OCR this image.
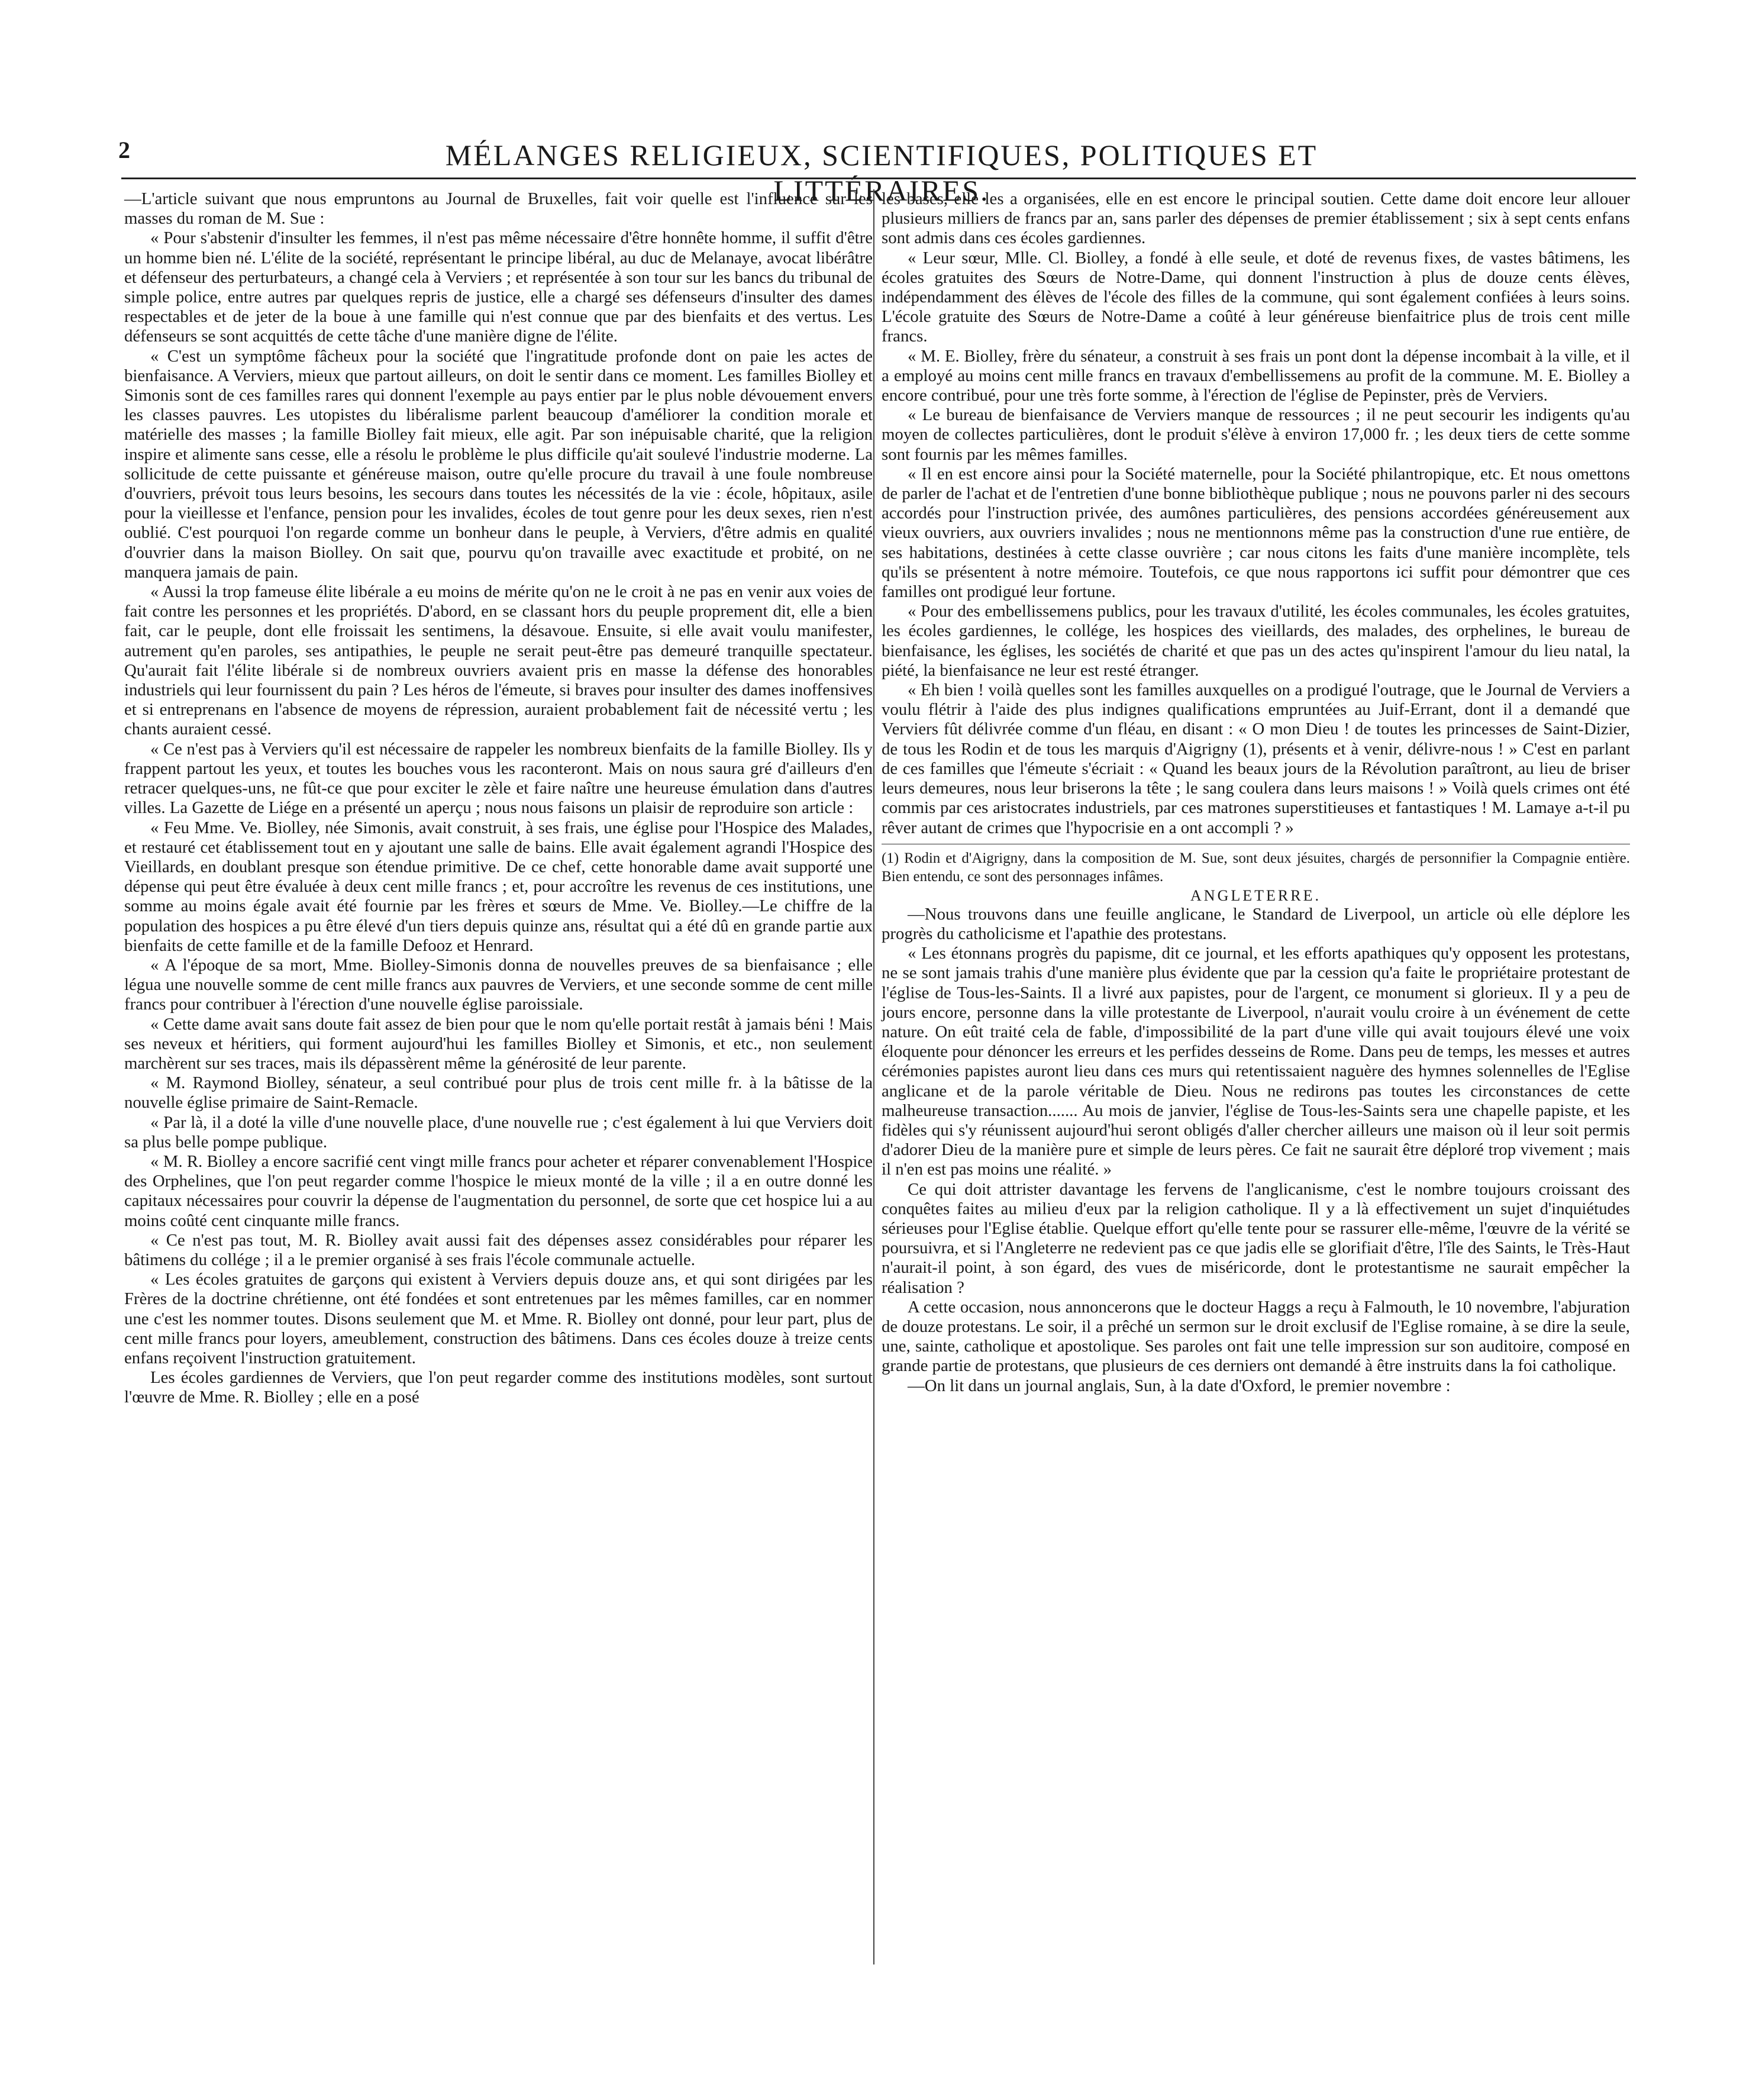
2	MÉLANGES RELIGIEUX, SCIENTIFIQUES, POLITIQUES ET LITTÉRAIRES.

—L'article suivant que nous empruntons au Journal de Bruxelles, fait voir quelle est l'influence sur les masses du roman de M. Sue :

« Pour s'abstenir d'insulter les femmes, il n'est pas même nécessaire d'être honnête homme, il suffit d'être un homme bien né. L'élite de la société, représentant le principe libéral, au duc de Melanaye, avocat libérâtre et défenseur des perturbateurs, a changé cela à Verviers ; et représentée à son tour sur les bancs du tribunal de simple police, entre autres par quelques repris de justice, elle a chargé ses défenseurs d'insulter des dames respectables et de jeter de la boue à une famille qui n'est connue que par des bienfaits et des vertus. Les défenseurs se sont acquittés de cette tâche d'une manière digne de l'élite.

« C'est un symptôme fâcheux pour la société que l'ingratitude profonde dont on paie les actes de bienfaisance. A Verviers, mieux que partout ailleurs, on doit le sentir dans ce moment. Les familles Biolley et Simonis sont de ces familles rares qui donnent l'exemple au pays entier par le plus noble dévouement envers les classes pauvres. Les utopistes du libéralisme parlent beaucoup d'améliorer la condition morale et matérielle des masses ; la famille Biolley fait mieux, elle agit. Par son inépuisable charité, que la religion inspire et alimente sans cesse, elle a résolu le problème le plus difficile qu'ait soulevé l'industrie moderne. La sollicitude de cette puissante et généreuse maison, outre qu'elle procure du travail à une foule nombreuse d'ouvriers, prévoit tous leurs besoins, les secours dans toutes les nécessités de la vie : école, hôpitaux, asile pour la vieillesse et l'enfance, pension pour les invalides, écoles de tout genre pour les deux sexes, rien n'est oublié. C'est pourquoi l'on regarde comme un bonheur dans le peuple, à Verviers, d'être admis en qualité d'ouvrier dans la maison Biolley. On sait que, pourvu qu'on travaille avec exactitude et probité, on ne manquera jamais de pain.

« Aussi la trop fameuse élite libérale a eu moins de mérite qu'on ne le croit à ne pas en venir aux voies de fait contre les personnes et les propriétés. D'abord, en se classant hors du peuple proprement dit, elle a bien fait, car le peuple, dont elle froissait les sentimens, la désavoue. Ensuite, si elle avait voulu manifester, autrement qu'en paroles, ses antipathies, le peuple ne serait peut-être pas demeuré tranquille spectateur. Qu'aurait fait l'élite libérale si de nombreux ouvriers avaient pris en masse la défense des honorables industriels qui leur fournissent du pain ? Les héros de l'émeute, si braves pour insulter des dames inoffensives et si entreprenans en l'absence de moyens de répression, auraient probablement fait de nécessité vertu ; les chants auraient cessé.

« Ce n'est pas à Verviers qu'il est nécessaire de rappeler les nombreux bienfaits de la famille Biolley. Ils y frappent partout les yeux, et toutes les bouches vous les raconteront. Mais on nous saura gré d'ailleurs d'en retracer quelques-uns, ne fût-ce que pour exciter le zèle et faire naître une heureuse émulation dans d'autres villes. La Gazette de Liége en a présenté un aperçu ; nous nous faisons un plaisir de reproduire son article :

« Feu Mme. Ve. Biolley, née Simonis, avait construit, à ses frais, une église pour l'Hospice des Malades, et restauré cet établissement tout en y ajoutant une salle de bains. Elle avait également agrandi l'Hospice des Vieillards, en doublant presque son étendue primitive. De ce chef, cette honorable dame avait supporté une dépense qui peut être évaluée à deux cent mille francs ; et, pour accroître les revenus de ces institutions, une somme au moins égale avait été fournie par les frères et sœurs de Mme. Ve. Biolley.—Le chiffre de la population des hospices a pu être élevé d'un tiers depuis quinze ans, résultat qui a été dû en grande partie aux bienfaits de cette famille et de la famille Defooz et Henrard.

« A l'époque de sa mort, Mme. Biolley-Simonis donna de nouvelles preuves de sa bienfaisance ; elle légua une nouvelle somme de cent mille francs aux pauvres de Verviers, et une seconde somme de cent mille francs pour contribuer à l'érection d'une nouvelle église paroissiale.

« Cette dame avait sans doute fait assez de bien pour que le nom qu'elle portait restât à jamais béni ! Mais ses neveux et héritiers, qui forment aujourd'hui les familles Biolley et Simonis, et etc., non seulement marchèrent sur ses traces, mais ils dépassèrent même la générosité de leur parente.

« M. Raymond Biolley, sénateur, a seul contribué pour plus de trois cent mille fr. à la bâtisse de la nouvelle église primaire de Saint-Remacle.

« Par là, il a doté la ville d'une nouvelle place, d'une nouvelle rue ; c'est également à lui que Verviers doit sa plus belle pompe publique.

« M. R. Biolley a encore sacrifié cent vingt mille francs pour acheter et réparer convenablement l'Hospice des Orphelines, que l'on peut regarder comme l'hospice le mieux monté de la ville ; il a en outre donné les capitaux nécessaires pour couvrir la dépense de l'augmentation du personnel, de sorte que cet hospice lui a au moins coûté cent cinquante mille francs.

« Ce n'est pas tout, M. R. Biolley avait aussi fait des dépenses assez considérables pour réparer les bâtimens du collége ; il a le premier organisé à ses frais l'école communale actuelle.

« Les écoles gratuites de garçons qui existent à Verviers depuis douze ans, et qui sont dirigées par les Frères de la doctrine chrétienne, ont été fondées et sont entretenues par les mêmes familles, car en nommer une c'est les nommer toutes. Disons seulement que M. et Mme. R. Biolley ont donné, pour leur part, plus de cent mille francs pour loyers, ameublement, construction des bâtimens. Dans ces écoles douze à treize cents enfans reçoivent l'instruction gratuitement.

Les écoles gardiennes de Verviers, que l'on peut regarder comme des institutions modèles, sont surtout l'œuvre de Mme. R. Biolley ; elle en a posé

les bases, elle les a organisées, elle en est encore le principal soutien. Cette dame doit encore leur allouer plusieurs milliers de francs par an, sans parler des dépenses de premier établissement ; six à sept cents enfans sont admis dans ces écoles gardiennes.

« Leur sœur, Mlle. Cl. Biolley, a fondé à elle seule, et doté de revenus fixes, de vastes bâtimens, les écoles gratuites des Sœurs de Notre-Dame, qui donnent l'instruction à plus de douze cents élèves, indépendamment des élèves de l'école des filles de la commune, qui sont également confiées à leurs soins. L'école gratuite des Sœurs de Notre-Dame a coûté à leur généreuse bienfaitrice plus de trois cent mille francs.

« M. E. Biolley, frère du sénateur, a construit à ses frais un pont dont la dépense incombait à la ville, et il a employé au moins cent mille francs en travaux d'embellissemens au profit de la commune. M. E. Biolley a encore contribué, pour une très forte somme, à l'érection de l'église de Pepinster, près de Verviers.

« Le bureau de bienfaisance de Verviers manque de ressources ; il ne peut secourir les indigents qu'au moyen de collectes particulières, dont le produit s'élève à environ 17,000 fr. ; les deux tiers de cette somme sont fournis par les mêmes familles.

« Il en est encore ainsi pour la Société maternelle, pour la Société philantropique, etc. Et nous omettons de parler de l'achat et de l'entretien d'une bonne bibliothèque publique ; nous ne pouvons parler ni des secours accordés pour l'instruction privée, des aumônes particulières, des pensions accordées généreusement aux vieux ouvriers, aux ouvriers invalides ; nous ne mentionnons même pas la construction d'une rue entière, de ses habitations, destinées à cette classe ouvrière ; car nous citons les faits d'une manière incomplète, tels qu'ils se présentent à notre mémoire. Toutefois, ce que nous rapportons ici suffit pour démontrer que ces familles ont prodigué leur fortune.

« Pour des embellissemens publics, pour les travaux d'utilité, les écoles communales, les écoles gratuites, les écoles gardiennes, le collége, les hospices des vieillards, des malades, des orphelines, le bureau de bienfaisance, les églises, les sociétés de charité et que pas un des actes qu'inspirent l'amour du lieu natal, la piété, la bienfaisance ne leur est resté étranger.

« Eh bien ! voilà quelles sont les familles auxquelles on a prodigué l'outrage, que le Journal de Verviers a voulu flétrir à l'aide des plus indignes qualifications empruntées au Juif-Errant, dont il a demandé que Verviers fût délivrée comme d'un fléau, en disant : « O mon Dieu ! de toutes les princesses de Saint-Dizier, de tous les Rodin et de tous les marquis d'Aigrigny (1), présents et à venir, délivre-nous ! » C'est en parlant de ces familles que l'émeute s'écriait : « Quand les beaux jours de la Révolution paraîtront, au lieu de briser leurs demeures, nous leur briserons la tête ; le sang coulera dans leurs maisons ! » Voilà quels crimes ont été commis par ces aristocrates industriels, par ces matrones superstitieuses et fantastiques ! M. Lamaye a-t-il pu rêver autant de crimes que l'hypocrisie en a ont accompli ? »

(1) Rodin et d'Aigrigny, dans la composition de M. Sue, sont deux jésuites, chargés de personnifier la Compagnie entière. Bien entendu, ce sont des personnages infâmes.

ANGLETERRE.

—Nous trouvons dans une feuille anglicane, le Standard de Liverpool, un article où elle déplore les progrès du catholicisme et l'apathie des protestans.

« Les étonnans progrès du papisme, dit ce journal, et les efforts apathiques qu'y opposent les protestans, ne se sont jamais trahis d'une manière plus évidente que par la cession qu'a faite le propriétaire protestant de l'église de Tous-les-Saints. Il a livré aux papistes, pour de l'argent, ce monument si glorieux. Il y a peu de jours encore, personne dans la ville protestante de Liverpool, n'aurait voulu croire à un événement de cette nature. On eût traité cela de fable, d'impossibilité de la part d'une ville qui avait toujours élevé une voix éloquente pour dénoncer les erreurs et les perfides desseins de Rome. Dans peu de temps, les messes et autres cérémonies papistes auront lieu dans ces murs qui retentissaient naguère des hymnes solennelles de l'Eglise anglicane et de la parole véritable de Dieu. Nous ne redirons pas toutes les circonstances de cette malheureuse transaction....... Au mois de janvier, l'église de Tous-les-Saints sera une chapelle papiste, et les fidèles qui s'y réunissent aujourd'hui seront obligés d'aller chercher ailleurs une maison où il leur soit permis d'adorer Dieu de la manière pure et simple de leurs pères. Ce fait ne saurait être déploré trop vivement ; mais il n'en est pas moins une réalité. »

Ce qui doit attrister davantage les fervens de l'anglicanisme, c'est le nombre toujours croissant des conquêtes faites au milieu d'eux par la religion catholique. Il y a là effectivement un sujet d'inquiétudes sérieuses pour l'Eglise établie. Quelque effort qu'elle tente pour se rassurer elle-même, l'œuvre de la vérité se poursuivra, et si l'Angleterre ne redevient pas ce que jadis elle se glorifiait d'être, l'île des Saints, le Très-Haut n'aurait-il point, à son égard, des vues de miséricorde, dont le protestantisme ne saurait empêcher la réalisation ?

A cette occasion, nous annoncerons que le docteur Haggs a reçu à Falmouth, le 10 novembre, l'abjuration de douze protestans. Le soir, il a prêché un sermon sur le droit exclusif de l'Eglise romaine, à se dire la seule, une, sainte, catholique et apostolique. Ses paroles ont fait une telle impression sur son auditoire, composé en grande partie de protestans, que plusieurs de ces derniers ont demandé à être instruits dans la foi catholique.

—On lit dans un journal anglais, Sun, à la date d'Oxford, le premier novembre :
